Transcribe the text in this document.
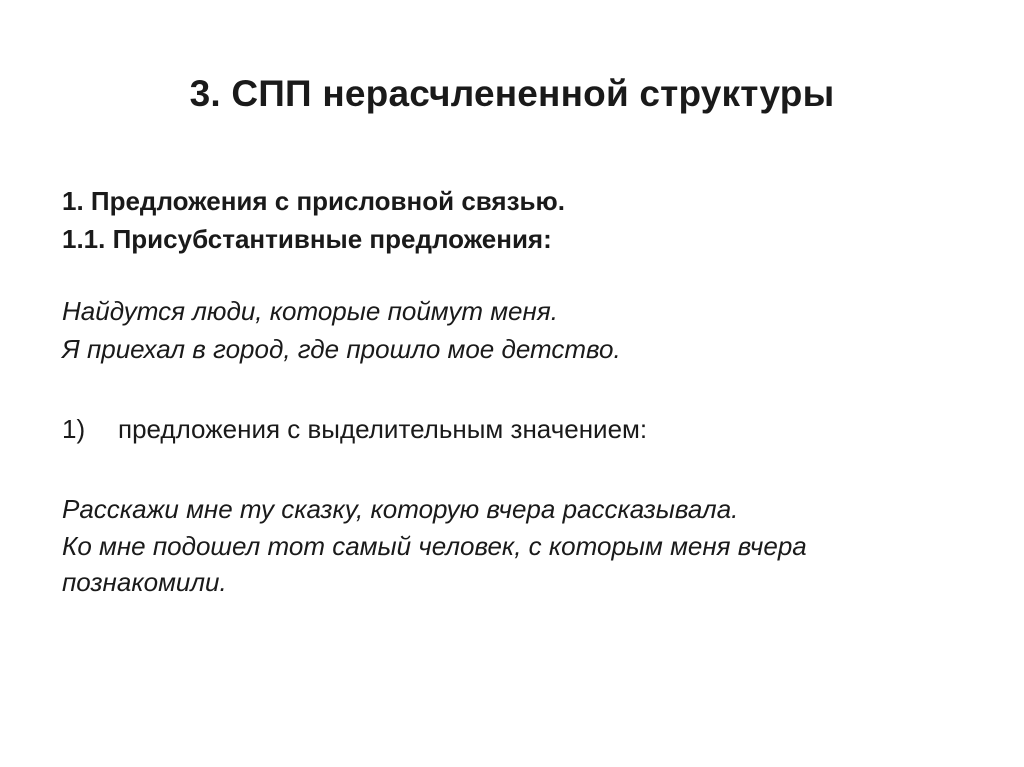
3. СПП нерасчлененной структуры
1. Предложения с присловной связью.
1.1. Присубстантивные предложения:
Найдутся люди, которые поймут меня.
Я приехал в город, где прошло мое детство.
1)	предложения с выделительным значением:
Расскажи мне ту сказку, которую вчера рассказывала.
Ко мне подошел тот самый человек, с которым меня вчера познакомили.
